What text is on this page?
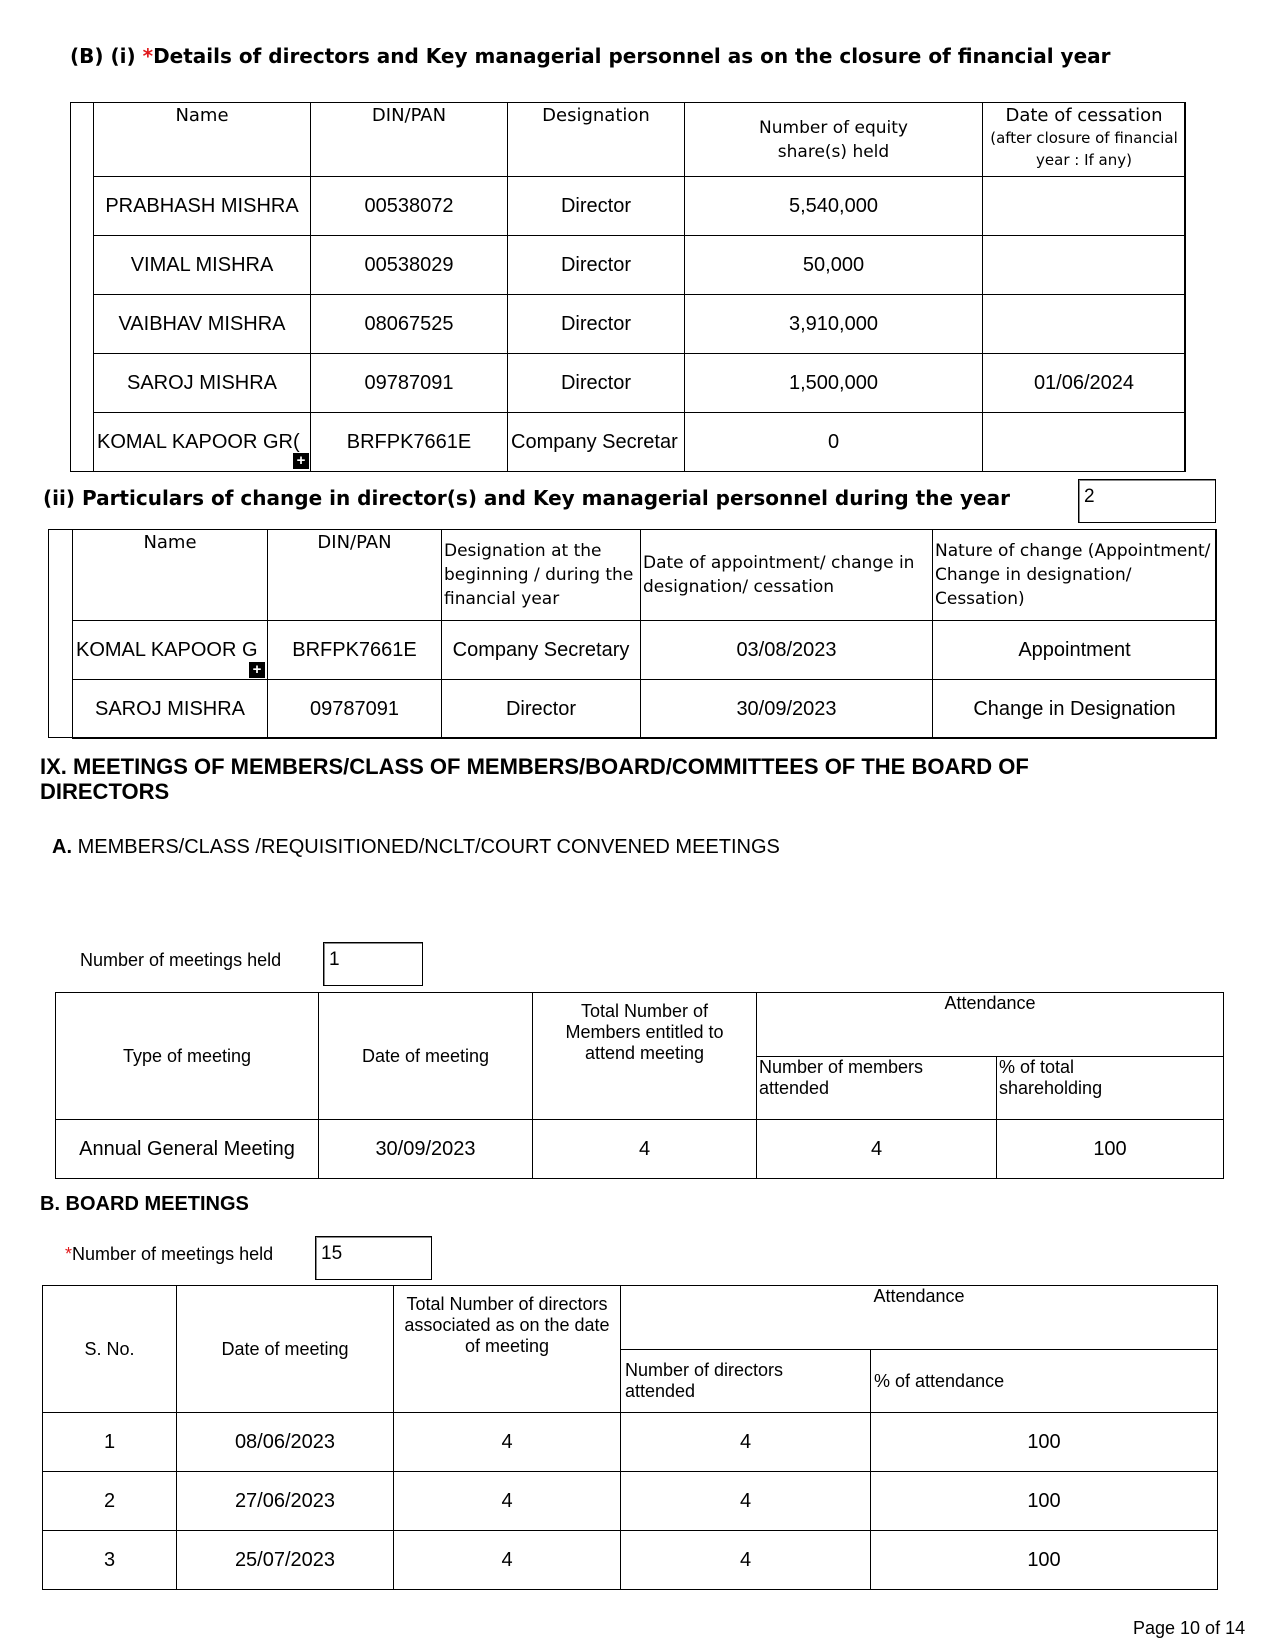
(B) (i) *Details of directors and Key managerial personnel as on the closure of financial year
Name	DIN/PAN	Designation	Number of equity share(s) held	Date of cessation
(after closure of financial year : If any)

PRABHASH MISHRA	00538072	Director	5,540,000	
VIMAL MISHRA	00538029	Director	50,000	
VAIBHAV MISHRA	08067525	Director	3,910,000	
SAROJ MISHRA	09787091	Director	1,500,000	01/06/2024
KOMAL KAPOOR GR(	BRFPK7661E	Company Secretar	0	
+
(ii) Particulars of change in director(s) and Key managerial personnel during the year	2
Name	DIN/PAN	Designation at the beginning / during the financial year	Date of appointment/ change in designation/ cessation	Nature of change (Appointment/ Change in designation/ Cessation)
KOMAL KAPOOR G	BRFPK7661E	Company Secretary	03/08/2023	Appointment
SAROJ MISHRA	09787091	Director	30/09/2023	Change in Designation
+
IX. MEETINGS OF MEMBERS/CLASS OF MEMBERS/BOARD/COMMITTEES OF THE BOARD OF
DIRECTORS
A. MEMBERS/CLASS /REQUISITIONED/NCLT/COURT CONVENED MEETINGS
Number of meetings held	1
Type of meeting	Date of meeting	Total Number of Members entitled to attend meeting	Attendance	
			Number of members attended	% of total shareholding
Annual General Meeting	30/09/2023	4	4	100
B. BOARD MEETINGS
*Number of meetings held	15
S. No.	Date of meeting	Total Number of directors associated as on the date of meeting	Attendance	
			Number of directors attended	% of attendance
1	08/06/2023	4	4	100
2	27/06/2023	4	4	100
3	25/07/2023	4	4	100
Page 10 of 14
